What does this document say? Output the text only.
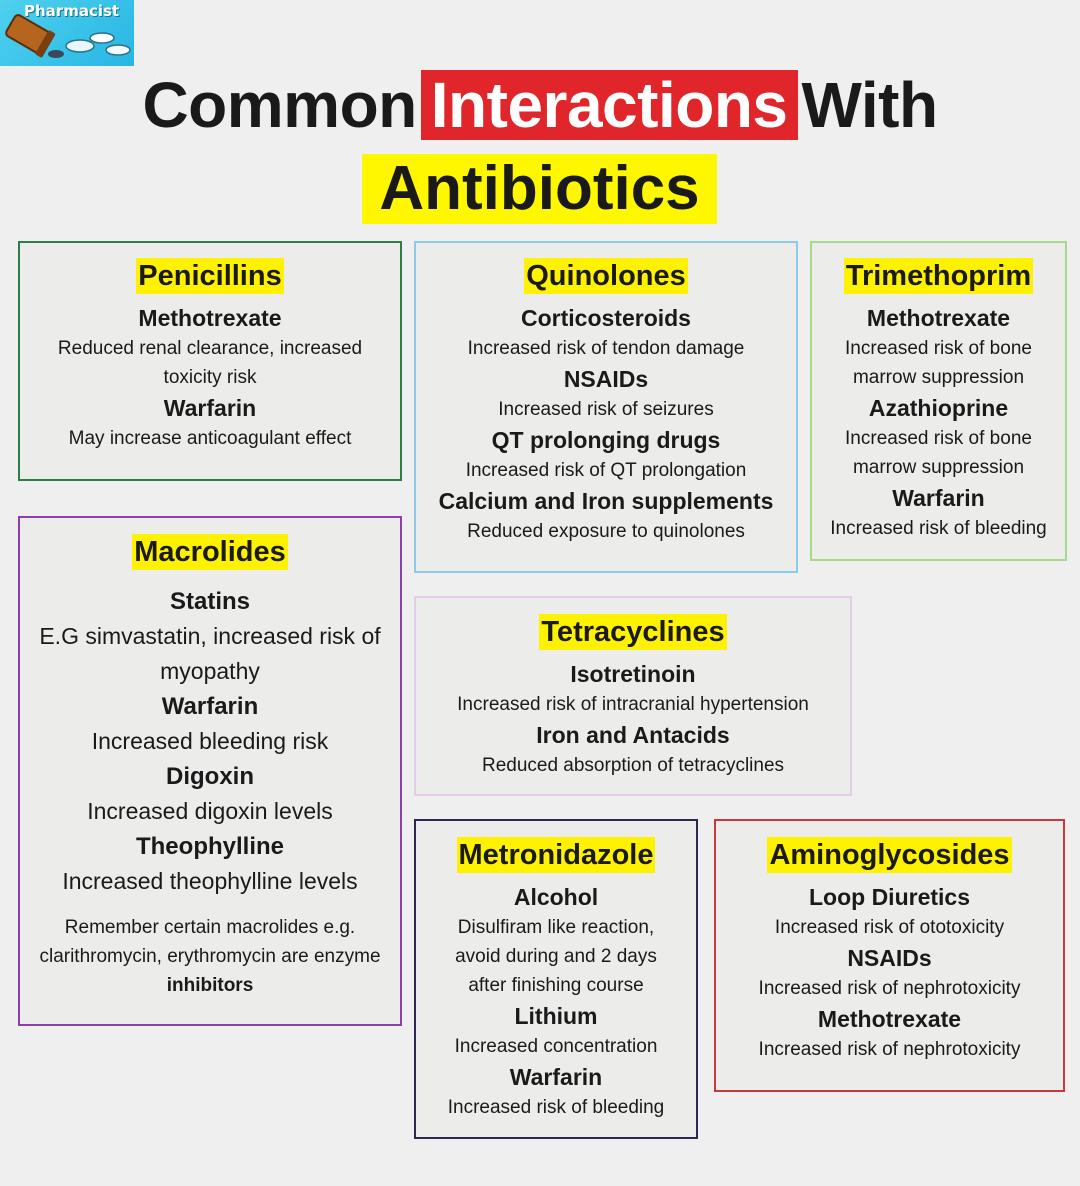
Pharmacist
Common Interactions With
Antibiotics
Penicillins
Methotrexate
Reduced renal clearance, increased toxicity risk
Warfarin
May increase anticoagulant effect
Quinolones
Corticosteroids
Increased risk of tendon damage
NSAIDs
Increased risk of seizures
QT prolonging drugs
Increased risk of QT prolongation
Calcium and Iron supplements
Reduced exposure to quinolones
Trimethoprim
Methotrexate
Increased risk of bone marrow suppression
Azathioprine
Increased risk of bone marrow suppression
Warfarin
Increased risk of bleeding
Macrolides
Statins
E.G simvastatin, increased risk of myopathy
Warfarin
Increased bleeding risk
Digoxin
Increased digoxin levels
Theophylline
Increased theophylline levels
Remember certain macrolides e.g. clarithromycin, erythromycin are enzyme inhibitors
Tetracyclines
Isotretinoin
Increased risk of intracranial hypertension
Iron and Antacids
Reduced absorption of tetracyclines
Metronidazole
Alcohol
Disulfiram like reaction, avoid during and 2 days after finishing course
Lithium
Increased concentration
Warfarin
Increased risk of bleeding
Aminoglycosides
Loop Diuretics
Increased risk of ototoxicity
NSAIDs
Increased risk of nephrotoxicity
Methotrexate
Increased risk of nephrotoxicity
